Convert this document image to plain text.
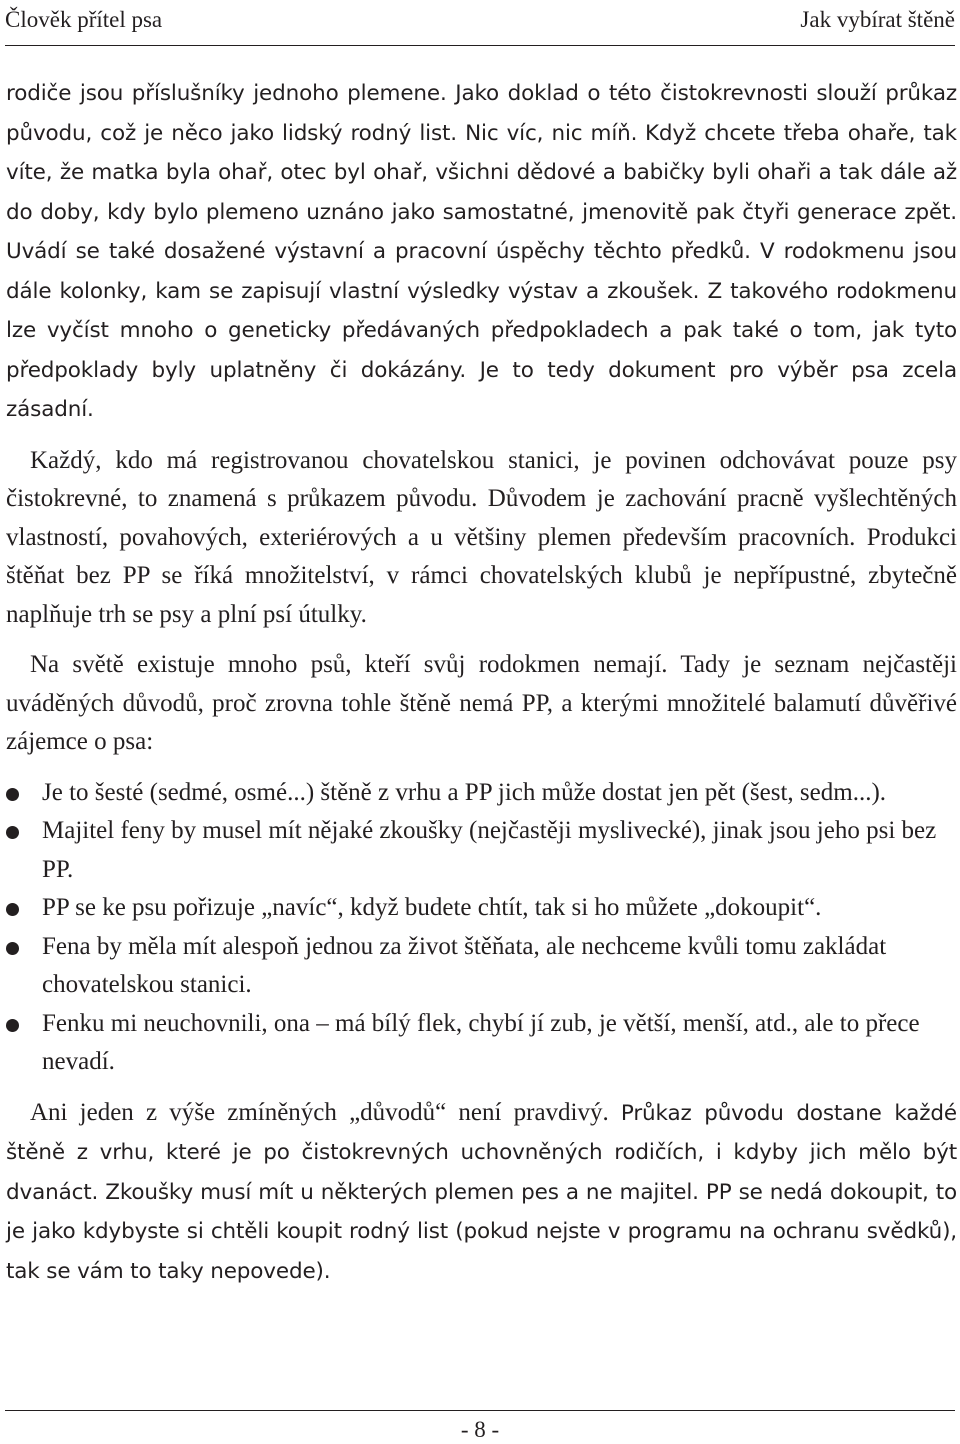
Člověk přítel psa	Jak vybírat štěně

rodiče jsou příslušníky jednoho plemene. Jako doklad o této čistokrevnosti slouží průkaz původu, což je něco jako lidský rodný list. Nic víc, nic míň. Když chcete třeba ohaře, tak víte, že matka byla ohař, otec byl ohař, všichni dědové a babičky byli ohaři a tak dále až do doby, kdy bylo plemeno uznáno jako samostatné, jmenovitě pak čtyři generace zpět. Uvádí se také dosažené výstavní a pracovní úspěchy těchto předků. V rodokmenu jsou dále kolonky, kam se zapisují vlastní výsledky výstav a zkoušek. Z takového rodokmenu lze vyčíst mnoho o geneticky předávaných předpokladech a pak také o tom, jak tyto předpoklady byly uplatněny či dokázány. Je to tedy dokument pro výběr psa zcela zásadní.

Každý, kdo má registrovanou chovatelskou stanici, je povinen odchovávat pouze psy čistokrevné, to znamená s průkazem původu. Důvodem je zachování pracně vyšlechtěných vlastností, povahových, exteriérových a u většiny plemen především pracovních. Produkci štěňat bez PP se říká množitelství, v rámci chovatelských klubů je nepřípustné, zbytečně naplňuje trh se psy a plní psí útulky.

Na světě existuje mnoho psů, kteří svůj rodokmen nemají. Tady je seznam nejčastěji uváděných důvodů, proč zrovna tohle štěně nemá PP, a kterými množitelé balamutí důvěřivé zájemce o psa:

Je to šesté (sedmé, osmé...) štěně z vrhu a PP jich může dostat jen pět (šest, sedm...).
Majitel feny by musel mít nějaké zkoušky (nejčastěji myslivecké), jinak jsou jeho psi bez PP.
PP se ke psu pořizuje „navíc“, když budete chtít, tak si ho můžete „dokoupit“.
Fena by měla mít alespoň jednou za život štěňata, ale nechceme kvůli tomu zakládat chovatelskou stanici.
Fenku mi neuchovnili, ona – má bílý flek, chybí jí zub, je větší, menší, atd., ale to přece nevadí.

Ani jeden z výše zmíněných „důvodů“ není pravdivý. Průkaz původu dostane každé štěně z vrhu, které je po čistokrevných uchovněných rodičích, i kdyby jich mělo být dvanáct. Zkoušky musí mít u některých plemen pes a ne majitel. PP se nedá dokoupit, to je jako kdybyste si chtěli koupit rodný list (pokud nejste v programu na ochranu svědků), tak se vám to taky nepovede).

- 8 -
